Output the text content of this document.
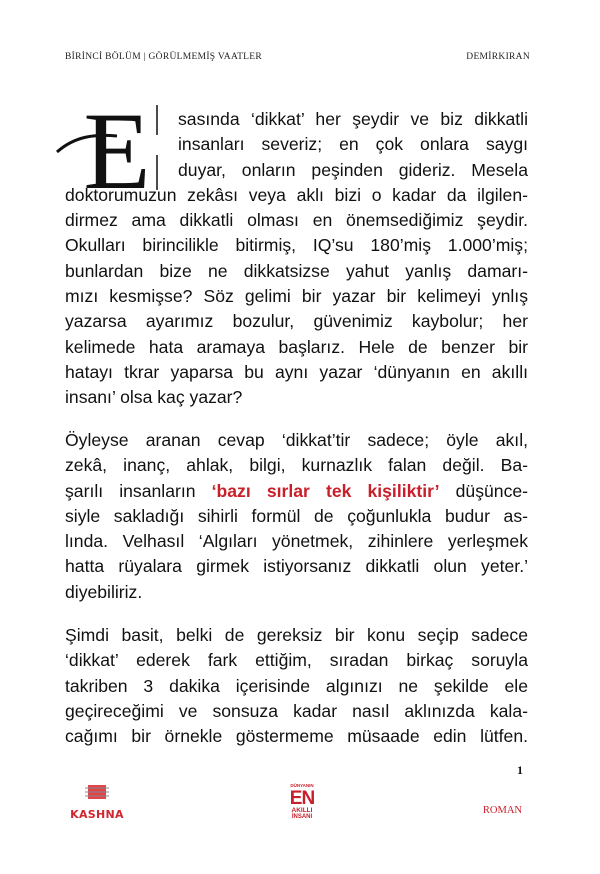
BİRİNCİ BÖLÜM | GÖRÜLMEMİŞ VAATLER	DEMİRKIRAN
E sasında ‘dikkat’ her şeydir ve biz dikkatli
insanları severiz; en çok onlara saygı
duyar, onların peşinden gideriz. Mesela
doktorumuzun zekâsı veya aklı bizi o kadar da ilgilen-
dirmez ama dikkatli olması en önemsediğimiz şeydir.
Okulları birincilikle bitirmiş, IQ’su 180’miş 1.000’miş;
bunlardan bize ne dikkatsizse yahut yanlış damarı-
mızı kesmişse? Söz gelimi bir yazar bir kelimeyi ynlış
yazarsa ayarımız bozulur, güvenimiz kaybolur; her
kelimede hata aramaya başlarız. Hele de benzer bir
hatayı tkrar yaparsa bu aynı yazar ‘dünyanın en akıllı
insanı’ olsa kaç yazar?
Öyleyse aranan cevap ‘dikkat’tir sadece; öyle akıl,
zekâ, inanç, ahlak, bilgi, kurnazlık falan değil. Ba-
şarılı insanların ‘bazı sırlar tek kişiliktir’ düşünce-
siyle sakladığı sihirli formül de çoğunlukla budur as-
lında. Velhasıl ‘Algıları yönetmek, zihinlere yerleşmek
hatta rüyalara girmek istiyorsanız dikkatli olun yeter.’
diyebiliriz.
Şimdi basit, belki de gereksiz bir konu seçip sadece
‘dikkat’ ederek fark ettiğim, sıradan birkaç soruyla
takriben 3 dakika içerisinde algınızı ne şekilde ele
geçireceğimi ve sonsuza kadar nasıl aklınızda kala-
cağımı bir örnekle göstermeme müsaade edin lütfen.
1
KASHNA
DÜNYANIN
EN
AKILLI
İNSANI
ROMAN
